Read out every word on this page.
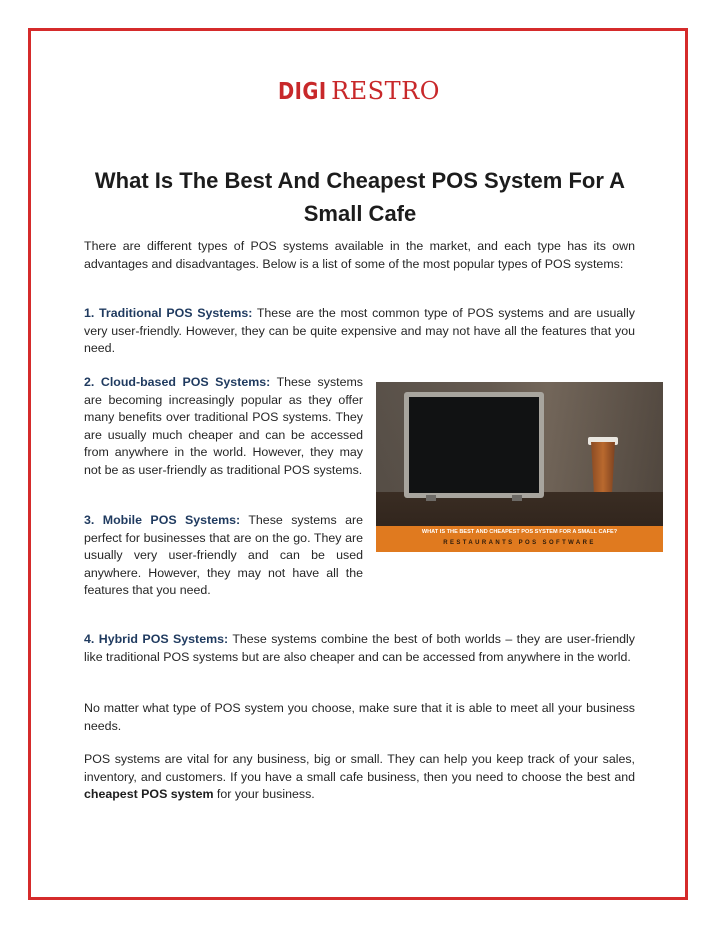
DIGI RESTRO
What Is The Best And Cheapest POS System For A Small Cafe

There are different types of POS systems available in the market, and each type has its own advantages and disadvantages. Below is a list of some of the most popular types of POS systems:

1. Traditional POS Systems: These are the most common type of POS systems and are usually very user-friendly. However, they can be quite expensive and may not have all the features that you need.

2. Cloud-based POS Systems: These systems are becoming increasingly popular as they offer many benefits over traditional POS systems. They are usually much cheaper and can be accessed from anywhere in the world. However, they may not be as user-friendly as traditional POS systems.

WHAT IS THE BEST AND CHEAPEST POS SYSTEM FOR A SMALL CAFE?
RESTAURANTS POS SOFTWARE
3. Mobile POS Systems: These systems are perfect for businesses that are on the go. They are usually very user-friendly and can be used anywhere. However, they may not have all the features that you need.

4. Hybrid POS Systems: These systems combine the best of both worlds – they are user-friendly like traditional POS systems but are also cheaper and can be accessed from anywhere in the world.

No matter what type of POS system you choose, make sure that it is able to meet all your business needs.

POS systems are vital for any business, big or small. They can help you keep track of your sales, inventory, and customers. If you have a small cafe business, then you need to choose the best and cheapest POS system for your business.
